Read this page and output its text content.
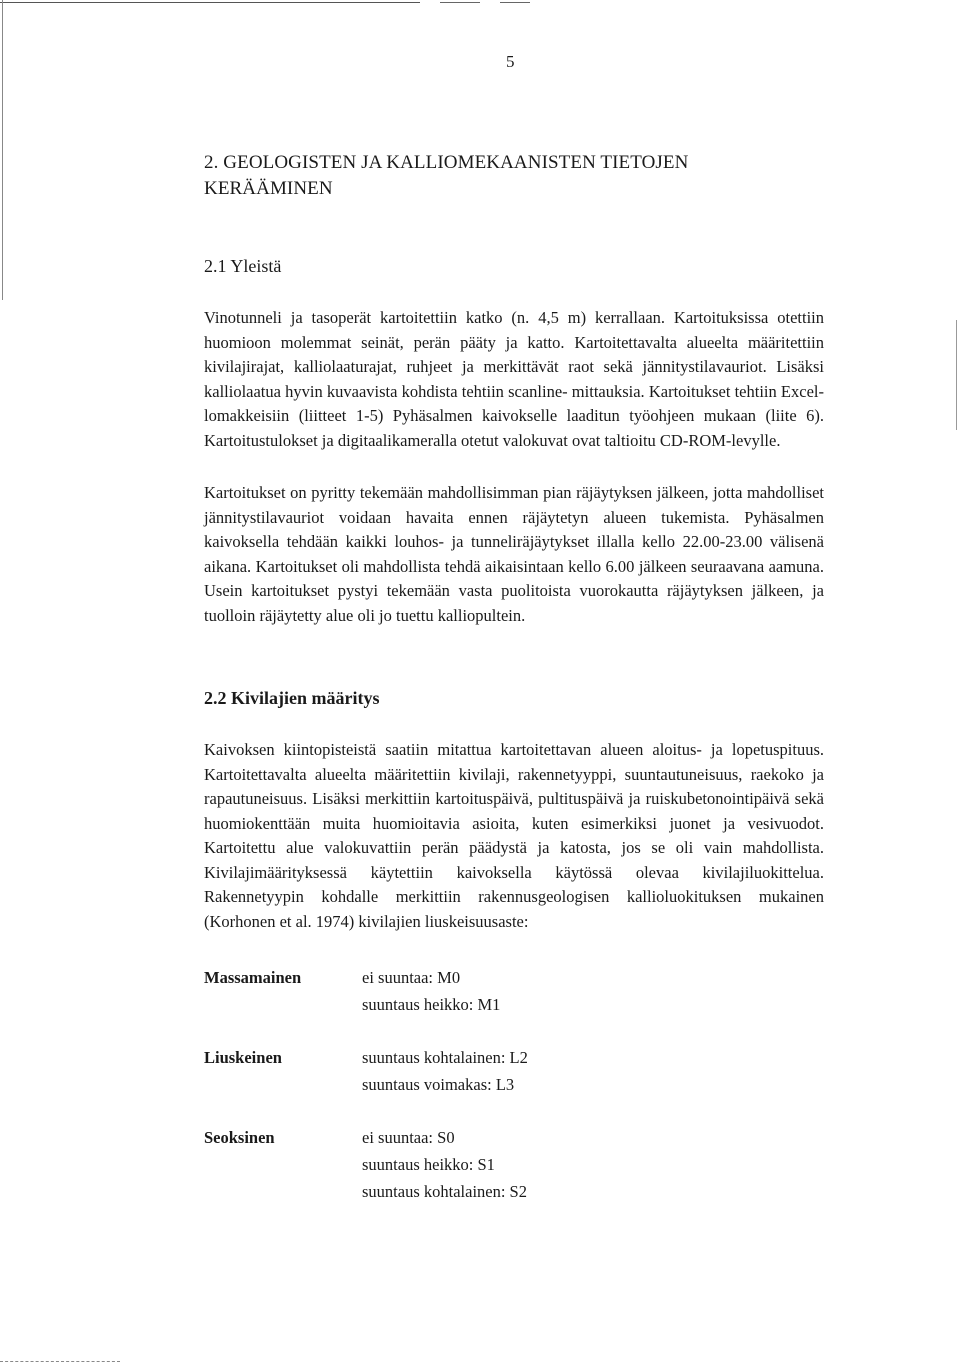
5
2. GEOLOGISTEN JA KALLIOMEKAANISTEN TIETOJEN
KERÄÄMINEN
2.1 Yleistä

Vinotunneli ja tasoperät kartoitettiin katko (n. 4,5 m) kerrallaan. Kartoituksissa otettiin huomioon molemmat seinät, perän pääty ja katto. Kartoitettavalta alueelta määritettiin kivilajirajat, kalliolaaturajat, ruhjeet ja merkittävät raot sekä jännitystilavauriot. Lisäksi kalliolaatua hyvin kuvaavista kohdista tehtiin scanline- mittauksia. Kartoitukset tehtiin Excel-lomakkeisiin (liitteet 1-5) Pyhäsalmen kaivokselle laaditun työohjeen mukaan (liite 6). Kartoitustulokset ja digitaalikameralla otetut valokuvat ovat taltioitu CD-ROM-levylle.

Kartoitukset on pyritty tekemään mahdollisimman pian räjäytyksen jälkeen, jotta mahdolliset jännitystilavauriot voidaan havaita ennen räjäytetyn alueen tukemista. Pyhäsalmen kaivoksella tehdään kaikki louhos- ja tunneliräjäytykset illalla kello 22.00-23.00 välisenä aikana. Kartoitukset oli mahdollista tehdä aikaisintaan kello 6.00 jälkeen seuraavana aamuna. Usein kartoitukset pystyi tekemään vasta puolitoista vuorokautta räjäytyksen jälkeen, ja tuolloin räjäytetty alue oli jo tuettu kalliopultein.

2.2 Kivilajien määritys

Kaivoksen kiintopisteistä saatiin mitattua kartoitettavan alueen aloitus- ja lopetuspituus. Kartoitettavalta alueelta määritettiin kivilaji, rakennetyyppi, suuntautuneisuus, raekoko ja rapautuneisuus. Lisäksi merkittiin kartoituspäivä, pultituspäivä ja ruiskubetonointipäivä sekä huomiokenttään muita huomioitavia asioita, kuten esimerkiksi juonet ja vesivuodot. Kartoitettu alue valokuvattiin perän päädystä ja katosta, jos se oli vain mahdollista. Kivilajimäärityksessä käytettiin kaivoksella käytössä olevaa kivilajiluokittelua. Rakennetyypin kohdalle merkittiin rakennusgeologisen kallioluokituksen mukainen (Korhonen et al. 1974) kivilajien liuskeisuusaste:

Massamainen	ei suuntaa: M0
suuntaus heikko: M1
Liuskeinen	suuntaus kohtalainen: L2
suuntaus voimakas: L3
Seoksinen	ei suuntaa: S0
suuntaus heikko: S1
suuntaus kohtalainen: S2
